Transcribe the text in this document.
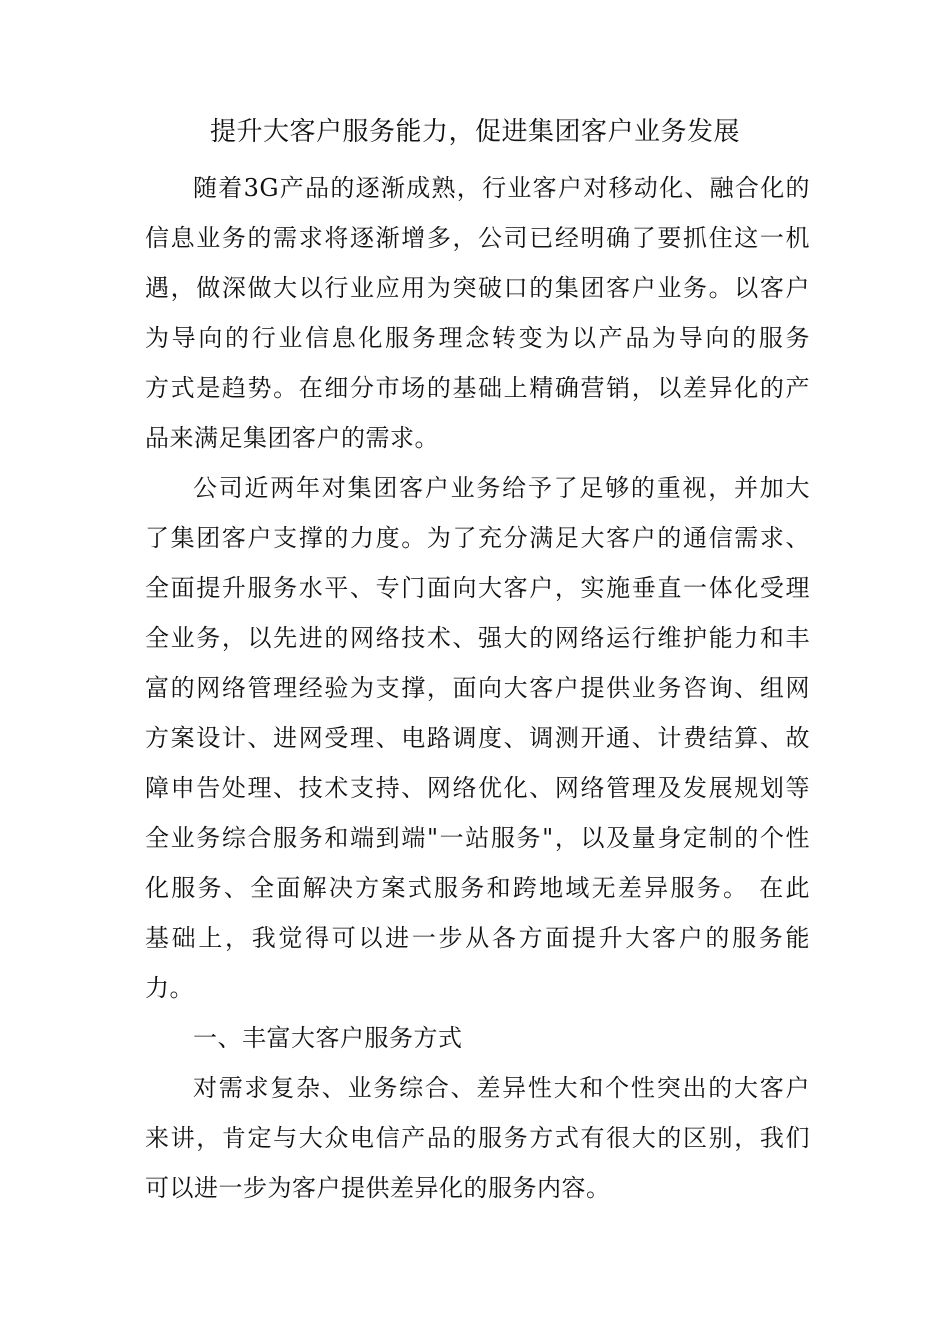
提升大客户服务能力，促进集团客户业务发展
随着3G产品的逐渐成熟，行业客户对移动化、融合化的
信息业务的需求将逐渐增多，公司已经明确了要抓住这一机
遇，做深做大以行业应用为突破口的集团客户业务。以客户
为导向的行业信息化服务理念转变为以产品为导向的服务
方式是趋势。在细分市场的基础上精确营销，以差异化的产
品来满足集团客户的需求。
公司近两年对集团客户业务给予了足够的重视，并加大
了集团客户支撑的力度。为了充分满足大客户的通信需求、
全面提升服务水平、专门面向大客户，实施垂直一体化受理
全业务，以先进的网络技术、强大的网络运行维护能力和丰
富的网络管理经验为支撑，面向大客户提供业务咨询、组网
方案设计、进网受理、电路调度、调测开通、计费结算、故
障申告处理、技术支持、网络优化、网络管理及发展规划等
全业务综合服务和端到端"一站服务"，以及量身定制的个性
化服务、全面解决方案式服务和跨地域无差异服务。 在此
基础上，我觉得可以进一步从各方面提升大客户的服务能
力。
一、丰富大客户服务方式
对需求复杂、业务综合、差异性大和个性突出的大客户
来讲，肯定与大众电信产品的服务方式有很大的区别，我们
可以进一步为客户提供差异化的服务内容。
